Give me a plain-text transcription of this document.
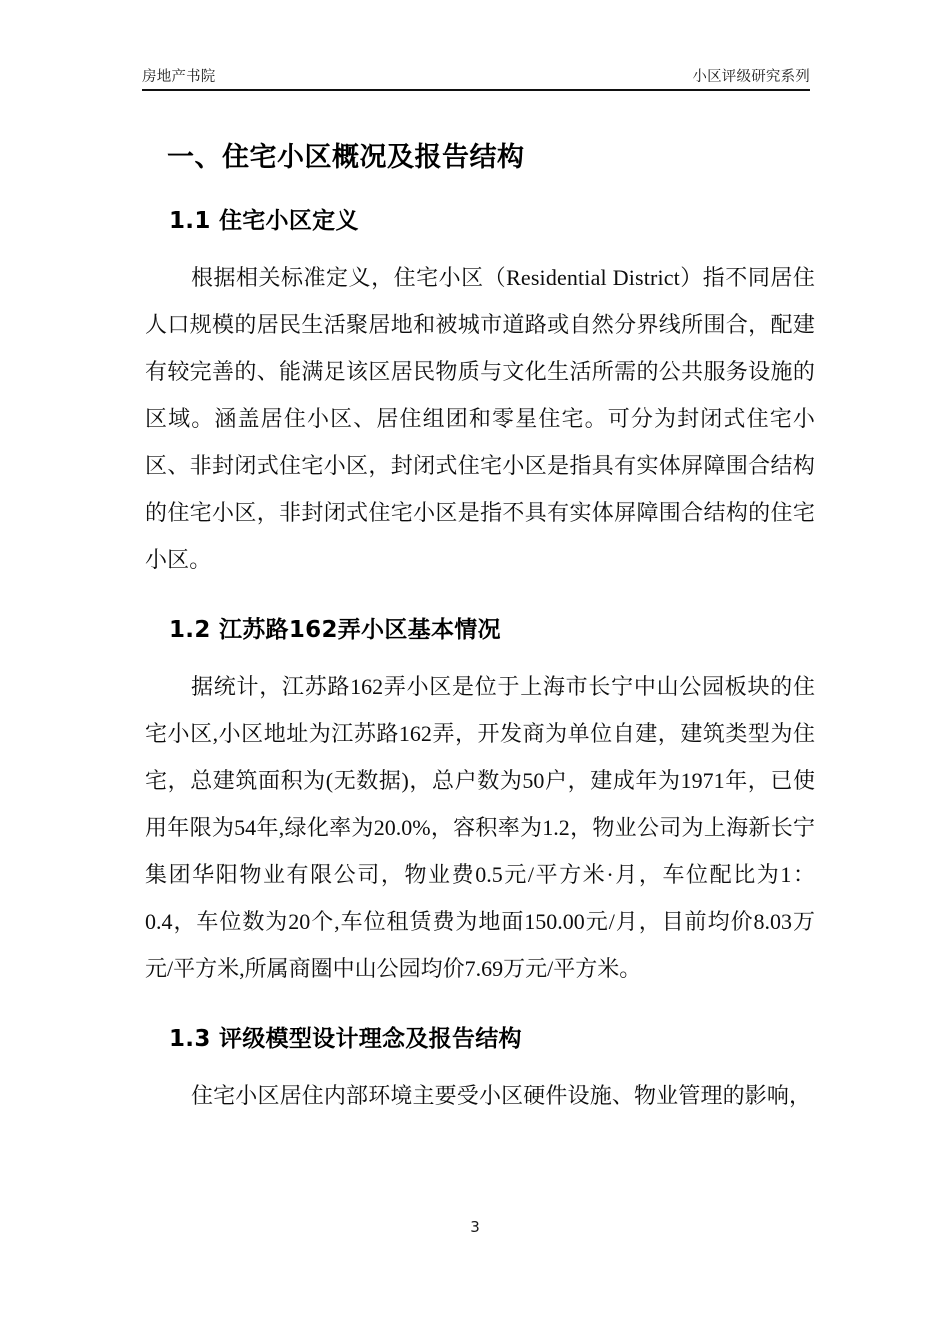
房地产书院	小区评级研究系列
一、住宅小区概况及报告结构
1.1 住宅小区定义

根据相关标准定义，住宅小区（Residential District）指不同居住人口规模的居民生活聚居地和被城市道路或自然分界线所围合，配建有较完善的、能满足该区居民物质与文化生活所需的公共服务设施的区域。涵盖居住小区、居住组团和零星住宅。可分为封闭式住宅小区、非封闭式住宅小区，封闭式住宅小区是指具有实体屏障围合结构的住宅小区，非封闭式住宅小区是指不具有实体屏障围合结构的住宅小区。

1.2 江苏路162弄小区基本情况

据统计，江苏路162弄小区是位于上海市长宁中山公园板块的住宅小区,小区地址为江苏路162弄，开发商为单位自建，建筑类型为住宅，总建筑面积为(无数据)，总户数为50户，建成年为1971年，已使用年限为54年,绿化率为20.0%，容积率为1.2，物业公司为上海新长宁集团华阳物业有限公司，物业费0.5元/平方米·月，车位配比为1：0.4，车位数为20个,车位租赁费为地面150.00元/月，目前均价8.03万元/平方米,所属商圈中山公园均价7.69万元/平方米。

1.3 评级模型设计理念及报告结构

住宅小区居住内部环境主要受小区硬件设施、物业管理的影响，

3
